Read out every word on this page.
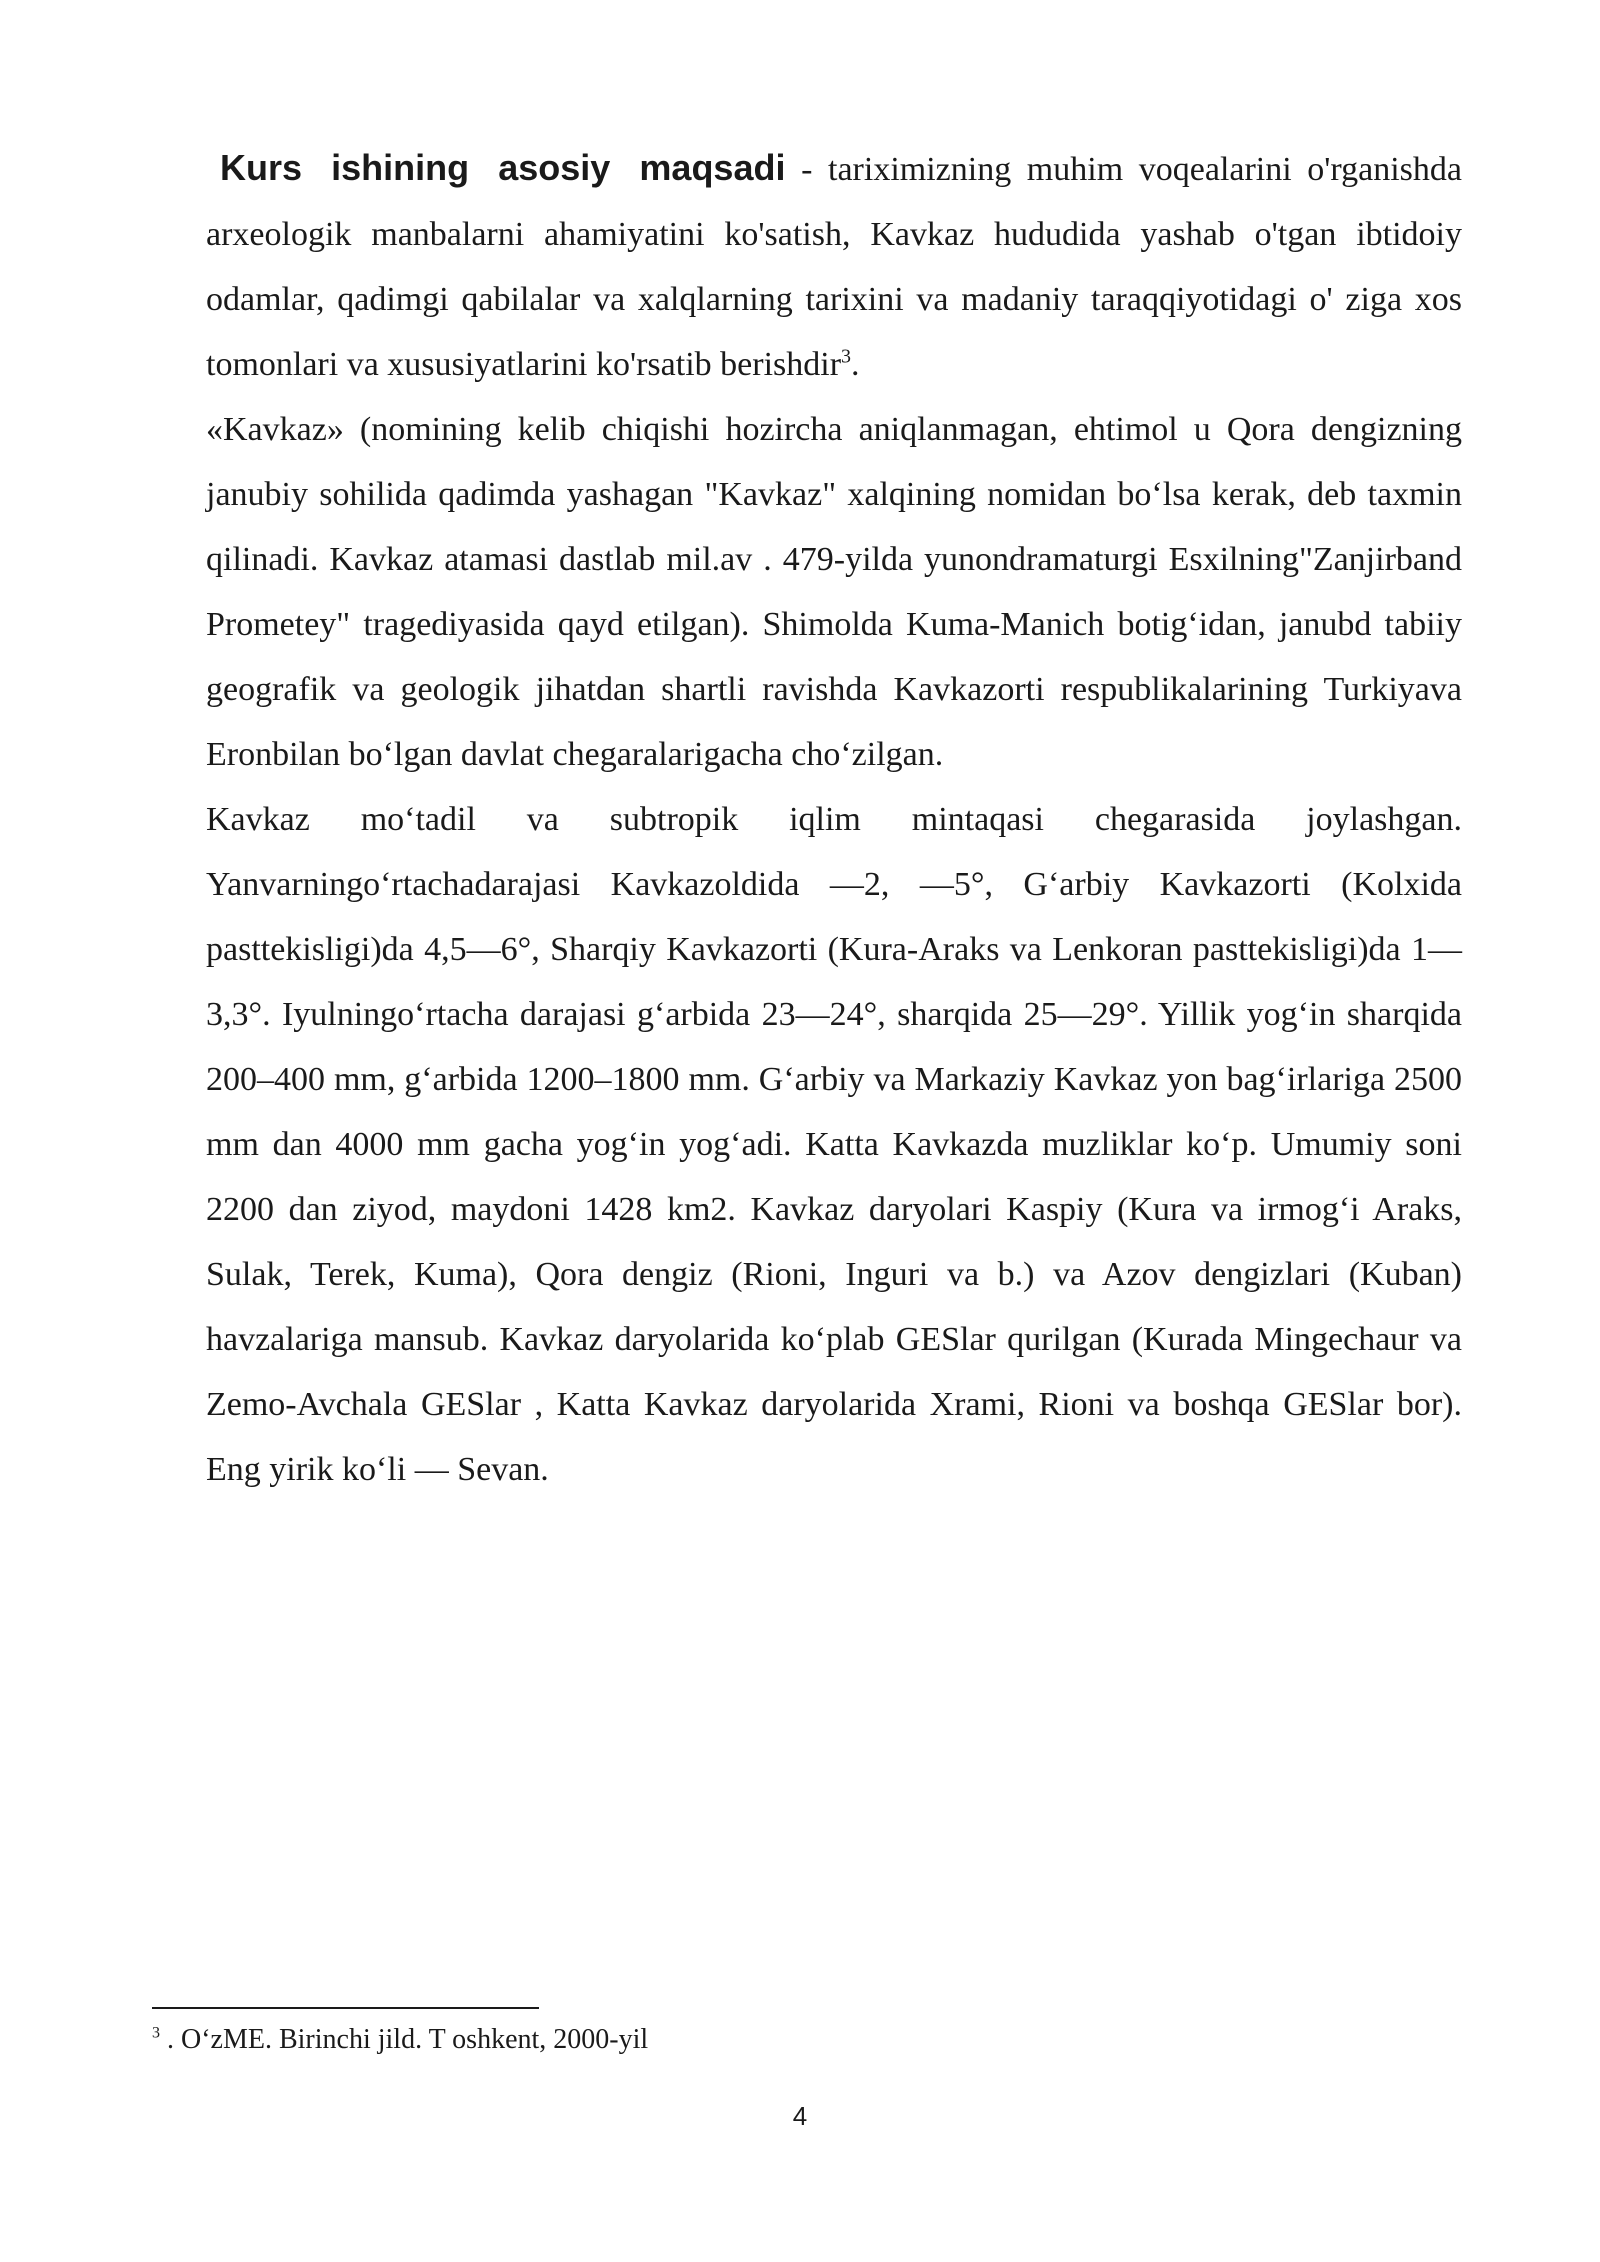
Kurs ishining asosiy maqsadi - tariximizning muhim voqealarini o'rganishda arxeologik manbalarni ahamiyatini ko'satish, Kavkaz hududida yashab o'tgan ibtidoiy odamlar, qadimgi qabilalar va xalqlarning tarixini va madaniy taraqqiyotidagi o' ziga xos tomonlari va xususiyatlarini ko'rsatib berishdir$^3$.

«Kavkaz» (nomining kelib chiqishi hozircha aniqlanmagan, ehtimol u Qora dengizning janubiy sohilida qadimda yashagan "Kavkaz" xalqining nomidan bo‘lsa kerak, deb taxmin qilinadi. Kavkaz atamasi dastlab mil.av . 479-yilda yunondramaturgi Esxilning"Zanjirband Prometey" tragediyasida qayd etilgan). Shimolda Kuma-Manich botig‘idan, janubd tabiiy geografik va geologik jihatdan shartli ravishda Kavkazorti respublikalarining Turkiyava Eronbilan bo‘lgan davlat chegaralarigacha cho‘zilgan.

Kavkaz mo‘tadil va subtropik iqlim mintaqasi chegarasida joylashgan. Yanvarningo‘rtachadarajasi Kavkazoldida —2, —5°, G‘arbiy Kavkazorti (Kolxida pasttekisligi)da 4,5—6°, Sharqiy Kavkazorti (Kura-Araks va Lenkoran pasttekisligi)da 1—3,3°. Iyulningo‘rtacha darajasi g‘arbida 23—24°, sharqida 25—29°. Yillik yog‘in sharqida 200–400 mm, g‘arbida 1200–1800 mm. G‘arbiy va Markaziy Kavkaz yon bag‘irlariga 2500 mm dan 4000 mm gacha yog‘in yog‘adi. Katta Kavkazda muzliklar ko‘p. Umumiy soni 2200 dan ziyod, maydoni 1428 km2. Kavkaz daryolari Kaspiy (Kura va irmog‘i Araks, Sulak, Terek, Kuma), Qora dengiz (Rioni, Inguri va b.) va Azov dengizlari (Kuban) havzalariga mansub. Kavkaz daryolarida ko‘plab GESlar qurilgan (Kurada Mingechaur va Zemo-Avchala GESlar , Katta Kavkaz daryolarida Xrami, Rioni va boshqa GESlar bor). Eng yirik ko‘li — Sevan.

$^3$ . O‘zME. Birinchi jild. T oshkent, 2000-yil
4
